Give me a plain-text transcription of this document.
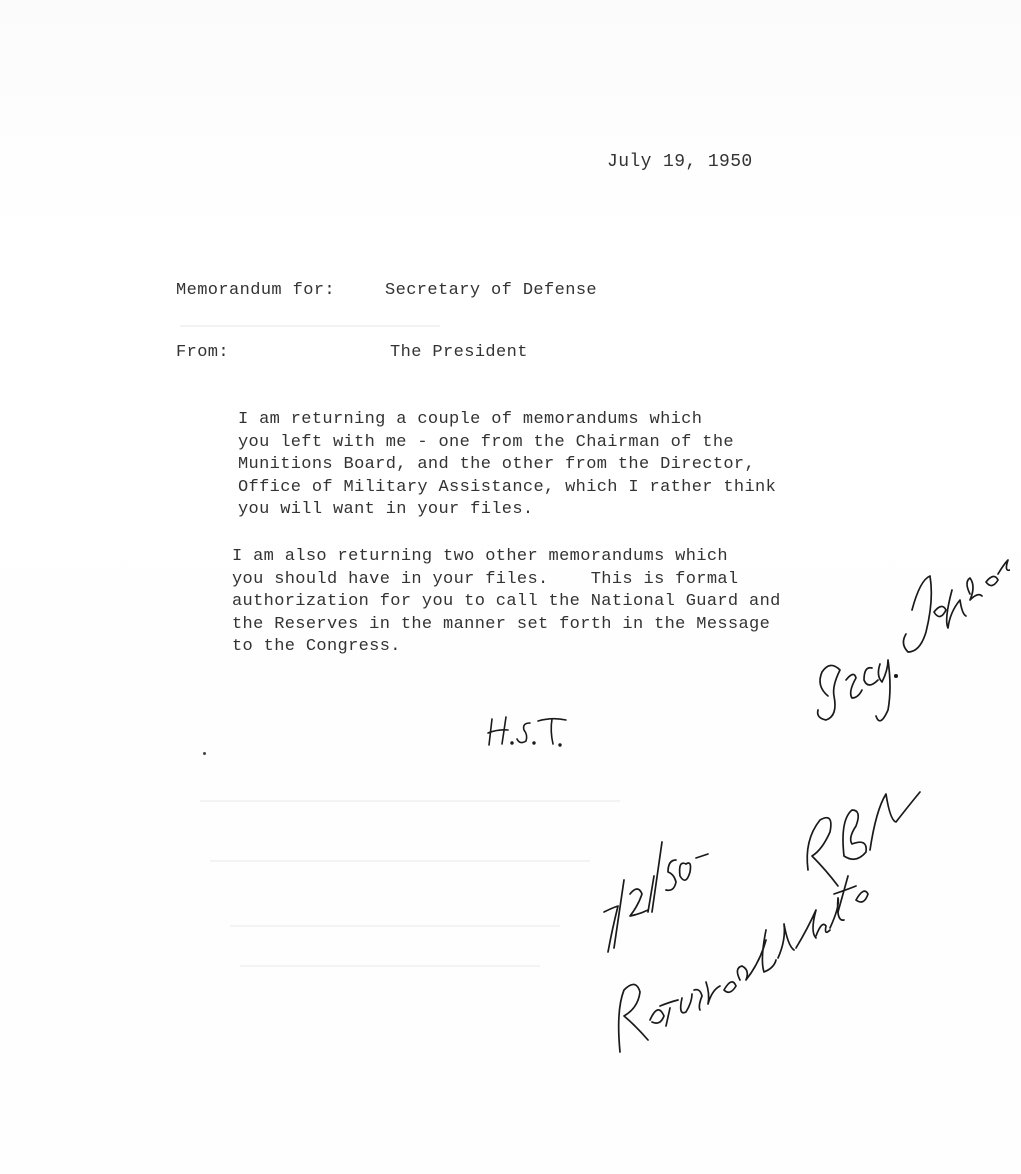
July 19, 1950
Memorandum for:	Secretary of Defense
From:	The President

I am returning a couple of memorandums which
you left with me - one from the Chairman of the
Munitions Board, and the other from the Director,
Office of Military Assistance, which I rather think
you will want in your files.

I am also returning two other memorandums which
you should have in your files.    This is formal
authorization for you to call the National Guard and
the Reserves in the manner set forth in the Message
to the Congress.
